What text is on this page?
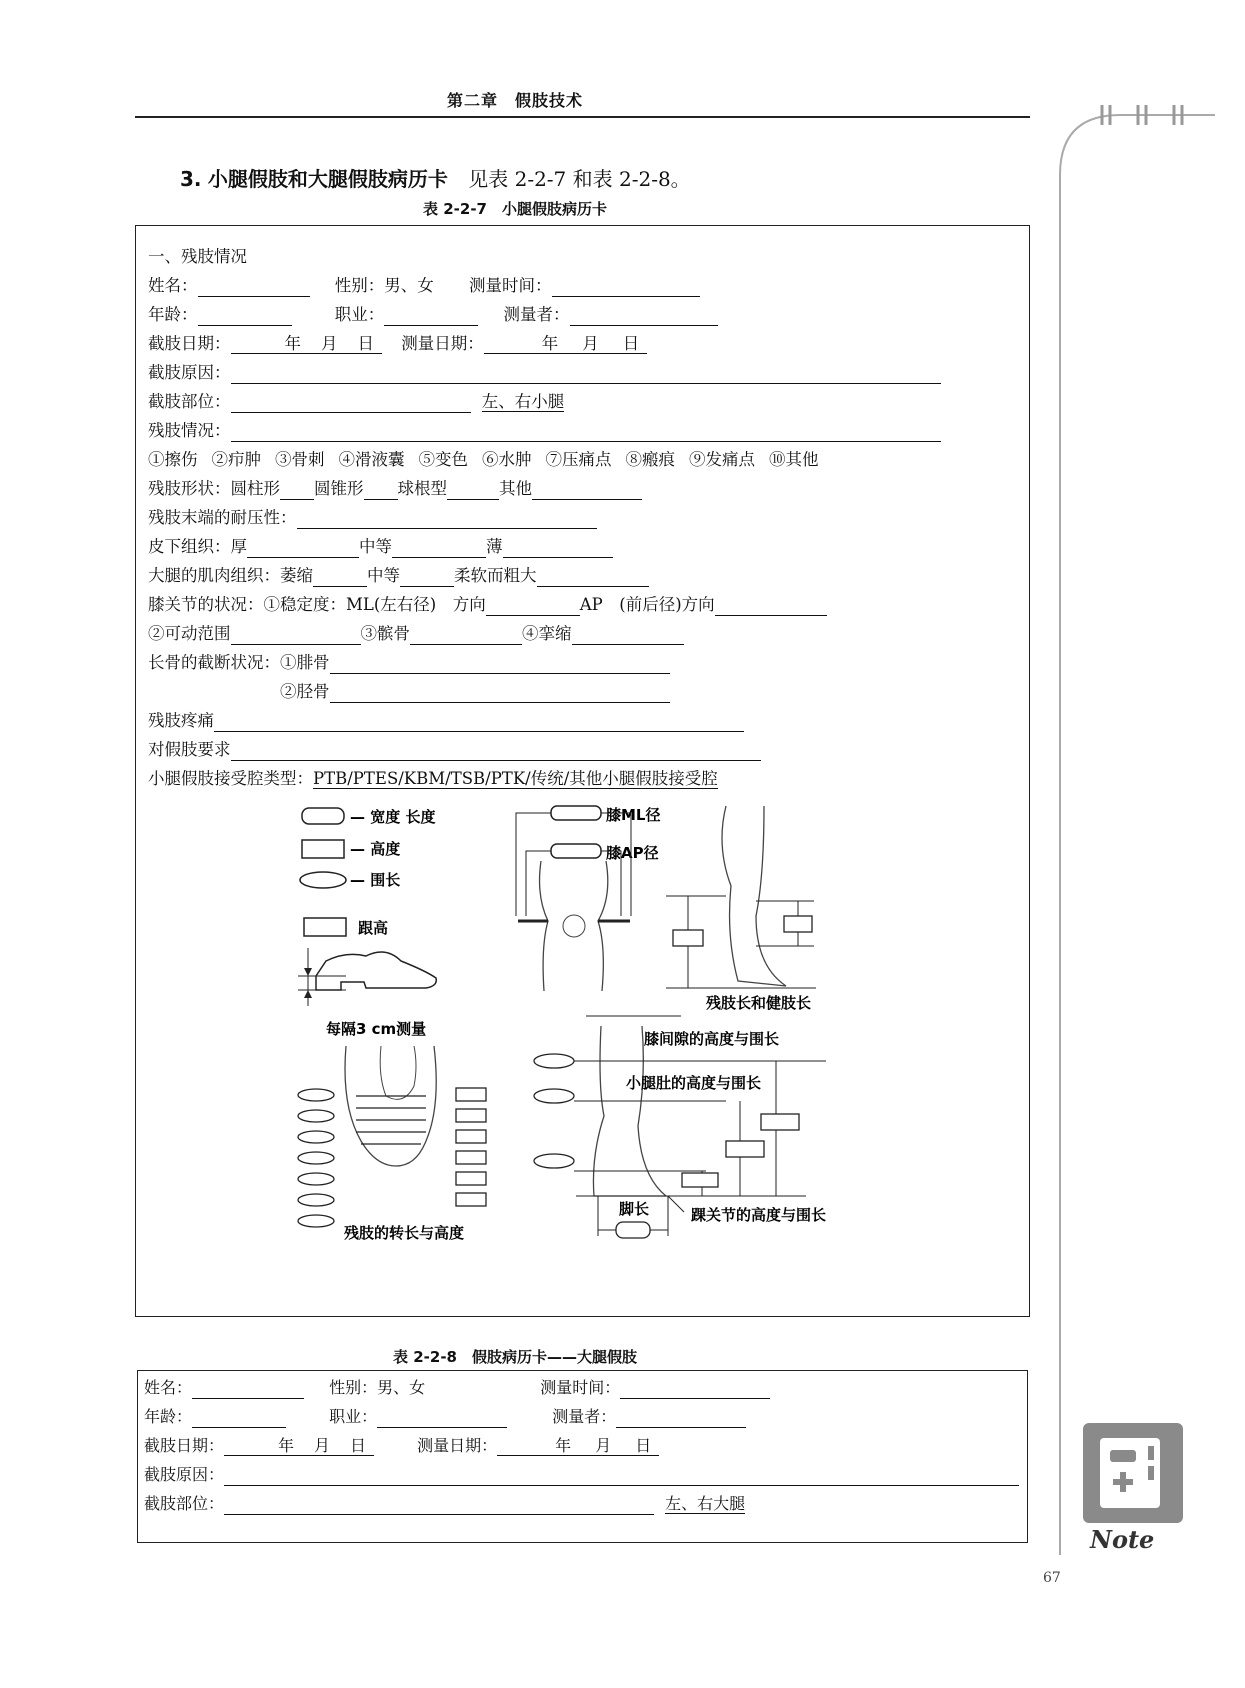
第二章　假肢技术
3. 小腿假肢和大腿假肢病历卡 见表 2-2-7 和表 2-2-8。
表 2-2-7　小腿假肢病历卡
一、残肢情况
姓名：	性别：男、女 测量时间：
年龄：	职业：	测量者：
截肢日期：	年 月 日 测量日期：	年 月 日
截肢原因：
截肢部位：	左、右小腿
残肢情况：
①擦伤 ②疖肿 ③骨刺 ④滑液囊 ⑤变色 ⑥水肿 ⑦压痛点 ⑧瘢痕 ⑨发痛点 ⑩其他
残肢形状：圆柱形 圆锥形 球根型	其他
残肢末端的耐压性：
皮下组织：厚	中等	薄
大腿的肌肉组织：萎缩	中等	柔软而粗大
膝关节的状况：①稳定度：ML(左右径)　方向	AP　(前后径)方向
②可动范围	③髌骨	④挛缩
长骨的截断状况：①腓骨
②胫骨
残肢疼痛
对假肢要求
小腿假肢接受腔类型：PTB/PTES/KBM/TSB/PTK/传统/其他小腿假肢接受腔
— 宽度 长度
— 高度
— 围长
跟高
膝ML径
膝AP径
残肢长和健肢长
每隔3 cm测量
残肢的转长与高度
膝间隙的高度与围长
小腿肚的高度与围长
脚长	踝关节的高度与围长
表 2-2-8　假肢病历卡——大腿假肢
姓名：	性别：男、女	测量时间：
年龄：	职业：	测量者：
截肢日期：	年 月 日	测量日期：	年 月 日
截肢原因：
截肢部位：	左、右大腿
Note
67
